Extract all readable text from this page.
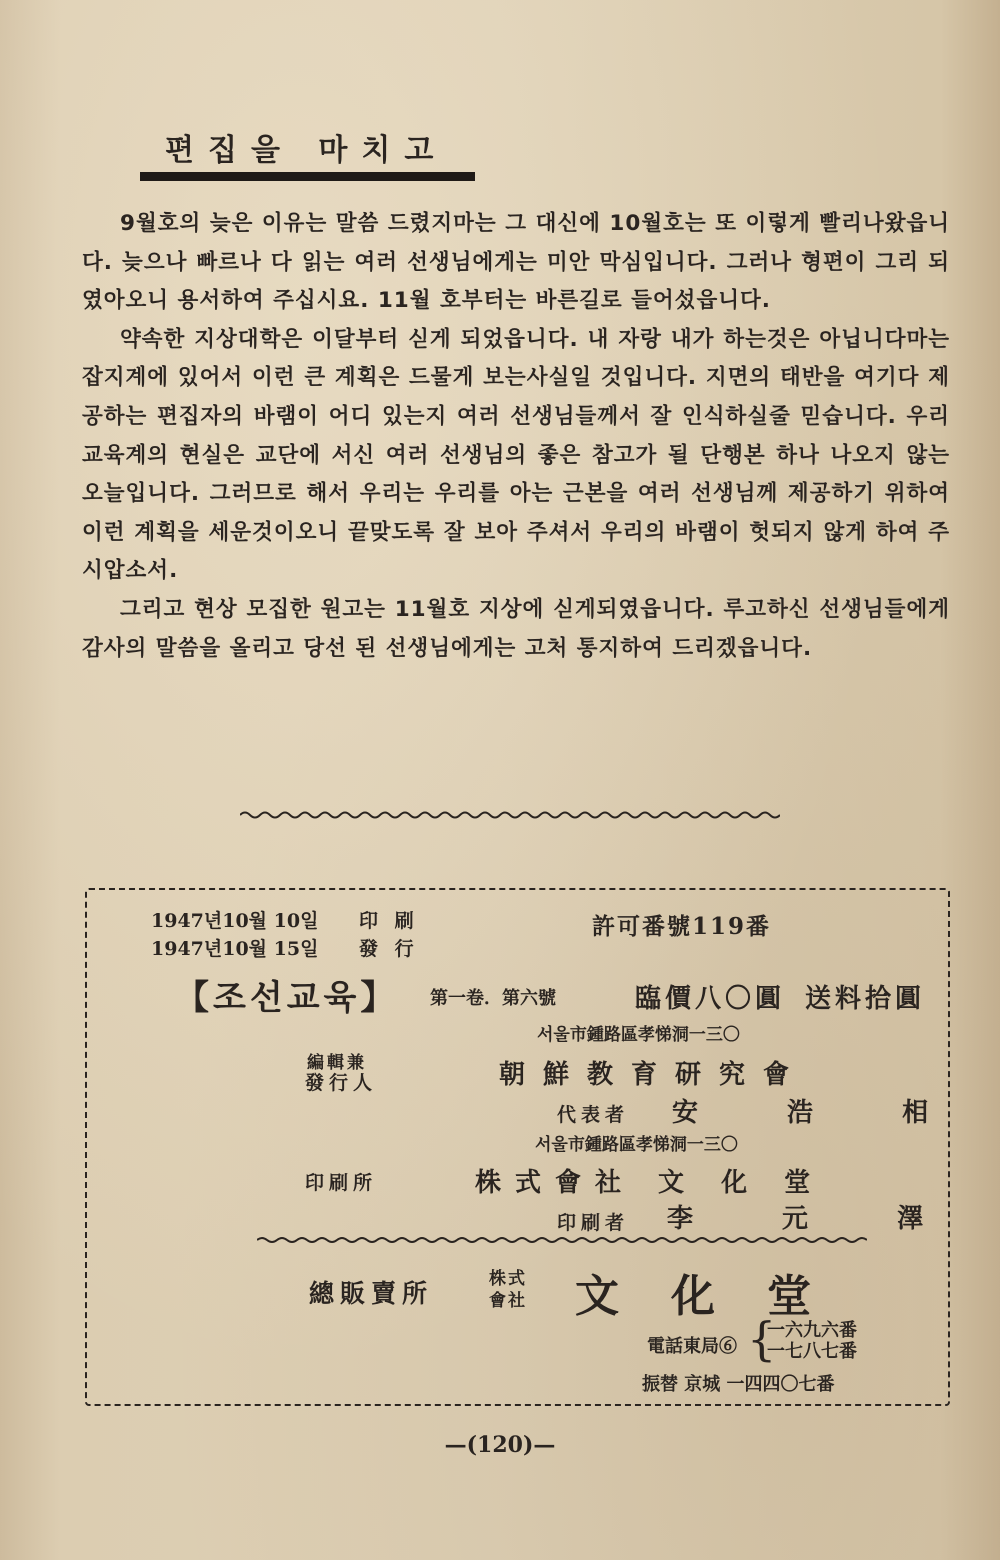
편집을 마치고

9월호의 늦은 이유는 말씀 드렸지마는 그 대신에 10월호는 또 이렇게 빨리나왔읍니다. 늦으나 빠르나 다 읽는 여러 선생님에게는 미안 막심입니다. 그러나 형편이 그리 되였아오니 용서하여 주십시요. 11월 호부터는 바른길로 들어섰읍니다.

약속한 지상대학은 이달부터 싣게 되었읍니다. 내 자랑 내가 하는것은 아닙니다마는 잡지계에 있어서 이런 큰 계획은 드물게 보는사실일 것입니다. 지면의 태반을 여기다 제공하는 편집자의 바램이 어디 있는지 여러 선생님들께서 잘 인식하실줄 믿습니다. 우리 교육계의 현실은 교단에 서신 여러 선생님의 좋은 참고가 될 단행본 하나 나오지 않는 오늘입니다. 그러므로 해서 우리는 우리를 아는 근본을 여러 선생님께 제공하기 위하여 이런 계획을 세운것이오니 끝맞도록 잘 보아 주셔서 우리의 바램이 헛되지 않게 하여 주시압소서.

그리고 현상 모집한 원고는 11월호 지상에 싣게되였읍니다. 루고하신 선생님들에게 감사의 말씀을 올리고 당선 된 선생님에게는 고처 통지하여 드리겠읍니다.

1947년10월 10일 印 刷
1947년10월 15일 發 行
許可番號119番
【조선교육】 第一卷．第六號	臨價八〇圓 送料拾圓
서울市鍾路區孝悌洞一三〇
編輯兼
發行人	朝鮮教育研究會
代表者 安 浩 相
서울市鍾路區孝悌洞一三〇
印刷所	株式會社 文 化 堂
印刷者 李 元 澤
總販賣所	株式
會社 文化堂
電話東局⑥ {
一六九六番
一七八七番
振替 京城 一四四〇七番
—(120)—
